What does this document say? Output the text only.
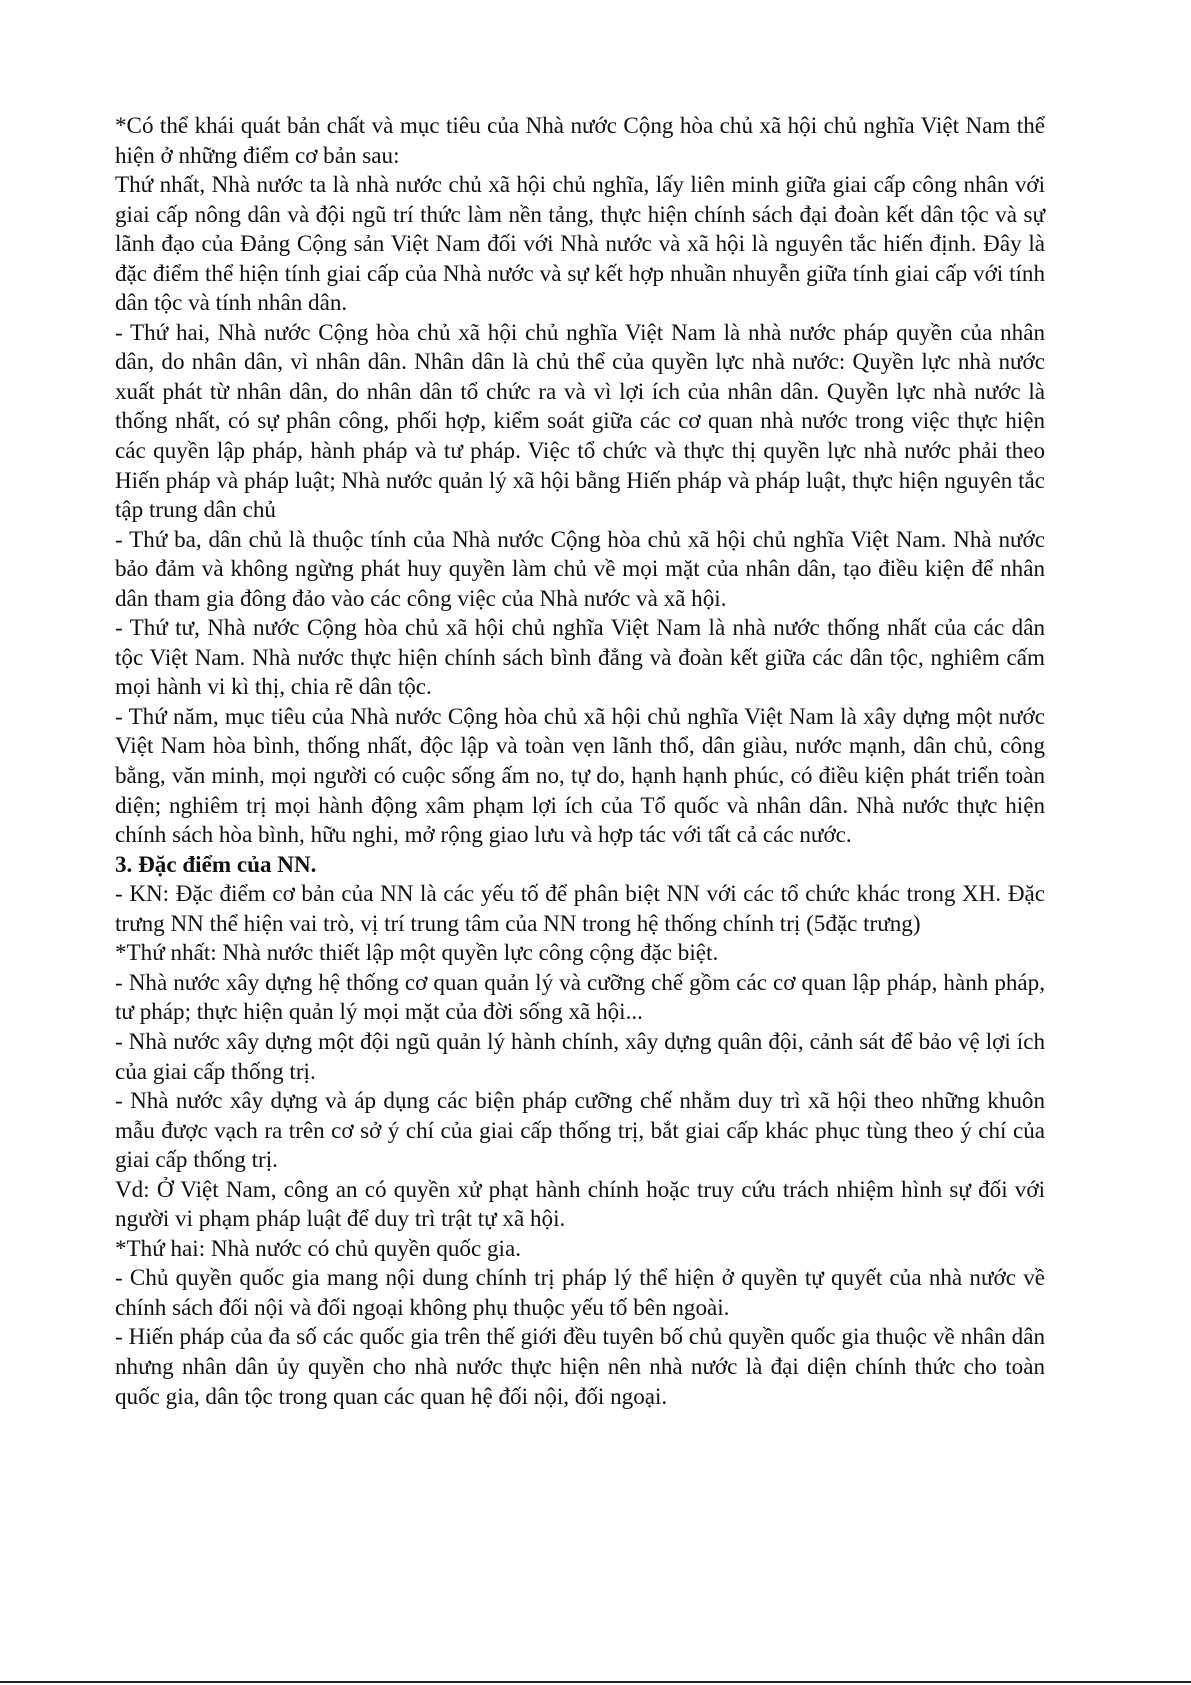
*Có thể khái quát bản chất và mục tiêu của Nhà nước Cộng hòa chủ xã hội chủ nghĩa Việt Nam thể hiện ở những điểm cơ bản sau:

Thứ nhất, Nhà nước ta là nhà nước chủ xã hội chủ nghĩa, lấy liên minh giữa giai cấp công nhân với giai cấp nông dân và đội ngũ trí thức làm nền tảng, thực hiện chính sách đại đoàn kết dân tộc và sự lãnh đạo của Đảng Cộng sản Việt Nam đối với Nhà nước và xã hội là nguyên tắc hiến định. Đây là đặc điểm thể hiện tính giai cấp của Nhà nước và sự kết hợp nhuần nhuyễn giữa tính giai cấp với tính dân tộc và tính nhân dân.

- Thứ hai, Nhà nước Cộng hòa chủ xã hội chủ nghĩa Việt Nam là nhà nước pháp quyền của nhân dân, do nhân dân, vì nhân dân. Nhân dân là chủ thể của quyền lực nhà nước: Quyền lực nhà nước xuất phát từ nhân dân, do nhân dân tổ chức ra và vì lợi ích của nhân dân. Quyền lực nhà nước là thống nhất, có sự phân công, phối hợp, kiểm soát giữa các cơ quan nhà nước trong việc thực hiện các quyền lập pháp, hành pháp và tư pháp. Việc tổ chức và thực thị quyền lực nhà nước phải theo Hiến pháp và pháp luật; Nhà nước quản lý xã hội bằng Hiến pháp và pháp luật, thực hiện nguyên tắc tập trung dân chủ

- Thứ ba, dân chủ là thuộc tính của Nhà nước Cộng hòa chủ xã hội chủ nghĩa Việt Nam. Nhà nước bảo đảm và không ngừng phát huy quyền làm chủ về mọi mặt của nhân dân, tạo điều kiện để nhân dân tham gia đông đảo vào các công việc của Nhà nước và xã hội.

- Thứ tư, Nhà nước Cộng hòa chủ xã hội chủ nghĩa Việt Nam là nhà nước thống nhất của các dân tộc Việt Nam. Nhà nước thực hiện chính sách bình đẳng và đoàn kết giữa các dân tộc, nghiêm cấm mọi hành vi kì thị, chia rẽ dân tộc.

- Thứ năm, mục tiêu của Nhà nước Cộng hòa chủ xã hội chủ nghĩa Việt Nam là xây dựng một nước Việt Nam hòa bình, thống nhất, độc lập và toàn vẹn lãnh thổ, dân giàu, nước mạnh, dân chủ, công bằng, văn minh, mọi người có cuộc sống ấm no, tự do, hạnh hạnh phúc, có điều kiện phát triển toàn diện; nghiêm trị mọi hành động xâm phạm lợi ích của Tổ quốc và nhân dân. Nhà nước thực hiện chính sách hòa bình, hữu nghi, mở rộng giao lưu và hợp tác với tất cả các nước.

3. Đặc điểm của NN.

- KN: Đặc điểm cơ bản của NN là các yếu tố để phân biệt NN với các tổ chức khác trong XH. Đặc trưng NN thể hiện vai trò, vị trí trung tâm của NN trong hệ thống chính trị (5đặc trưng)

*Thứ nhất: Nhà nước thiết lập một quyền lực công cộng đặc biệt.

- Nhà nước xây dựng hệ thống cơ quan quản lý và cưỡng chế gồm các cơ quan lập pháp, hành pháp, tư pháp; thực hiện quản lý mọi mặt của đời sống xã hội...

- Nhà nước xây dựng một đội ngũ quản lý hành chính, xây dựng quân đội, cảnh sát để bảo vệ lợi ích của giai cấp thống trị.

- Nhà nước xây dựng và áp dụng các biện pháp cưỡng chế nhằm duy trì xã hội theo những khuôn mẫu được vạch ra trên cơ sở ý chí của giai cấp thống trị, bắt giai cấp khác phục tùng theo ý chí của giai cấp thống trị.

Vd: Ở Việt Nam, công an có quyền xử phạt hành chính hoặc truy cứu trách nhiệm hình sự đối với người vi phạm pháp luật để duy trì trật tự xã hội.

*Thứ hai: Nhà nước có chủ quyền quốc gia.

- Chủ quyền quốc gia mang nội dung chính trị pháp lý thể hiện ở quyền tự quyết của nhà nước về chính sách đối nội và đối ngoại không phụ thuộc yếu tố bên ngoài.

- Hiến pháp của đa số các quốc gia trên thế giới đều tuyên bố chủ quyền quốc gia thuộc về nhân dân nhưng nhân dân ủy quyền cho nhà nước thực hiện nên nhà nước là đại diện chính thức cho toàn quốc gia, dân tộc trong quan các quan hệ đối nội, đối ngoại.
